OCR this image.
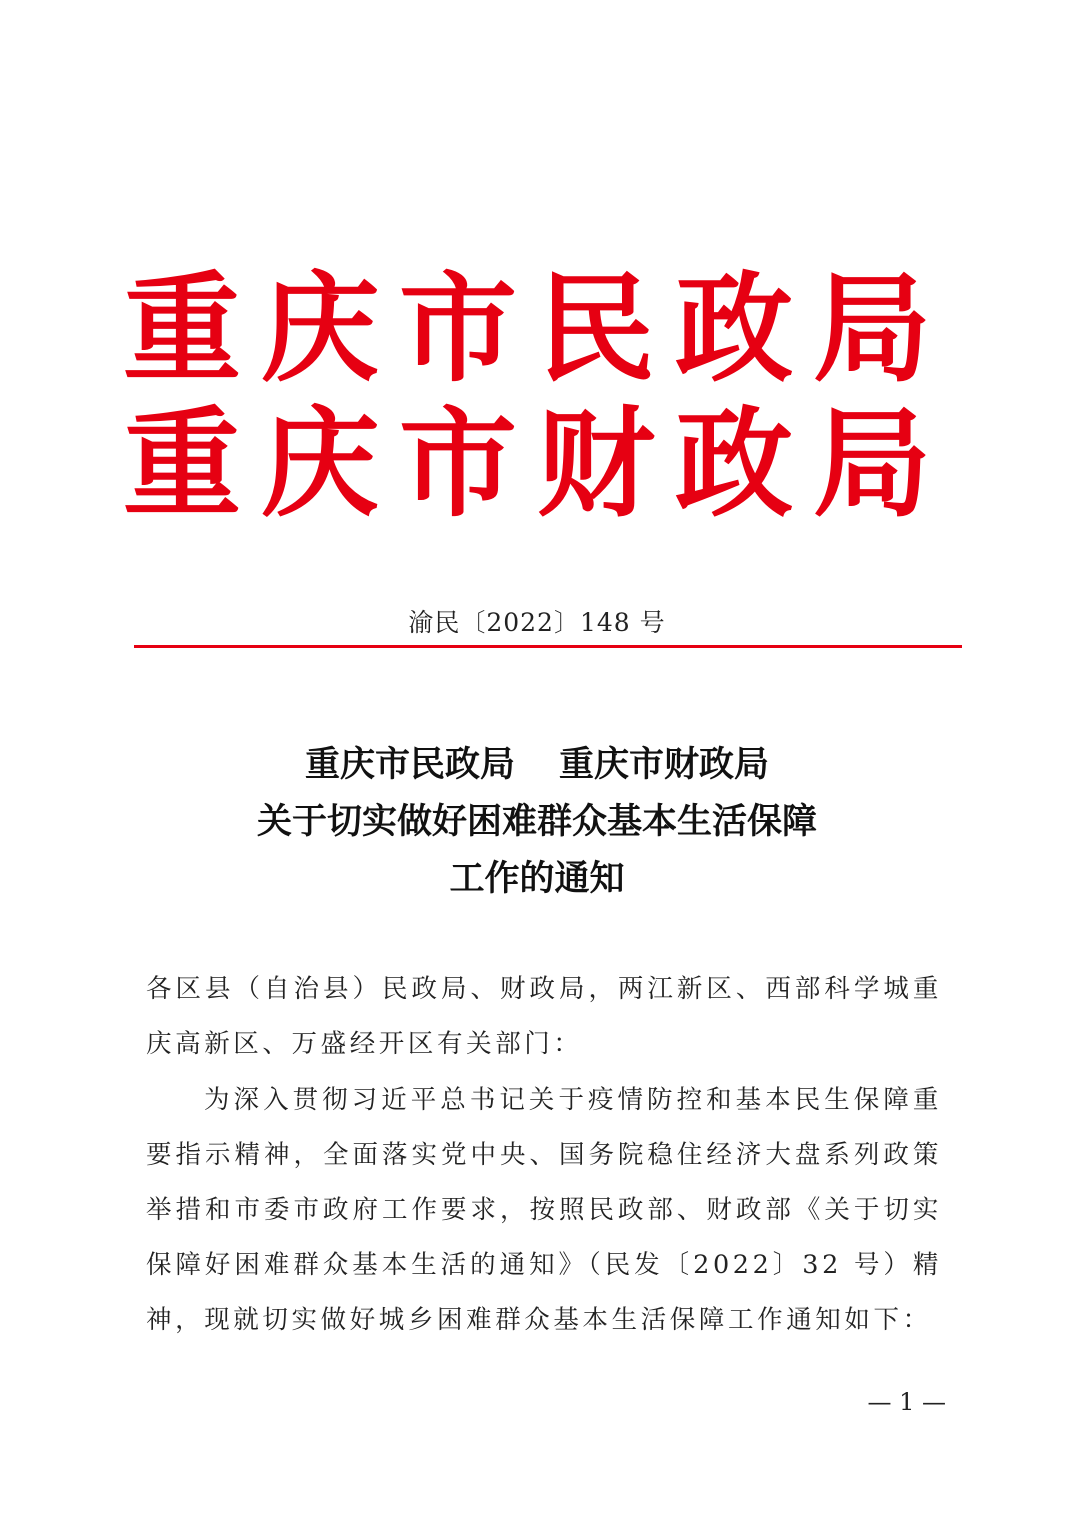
重庆市民政局
重庆市财政局
渝民〔2022〕148 号
重庆市民政局 重庆市财政局
关于切实做好困难群众基本生活保障
工作的通知
各区县（自治县）民政局、财政局，两江新区、西部科学城重庆高新区、万盛经开区有关部门：
为深入贯彻习近平总书记关于疫情防控和基本民生保障重要指示精神，全面落实党中央、国务院稳住经济大盘系列政策举措和市委市政府工作要求，按照民政部、财政部《关于切实保障好困难群众基本生活的通知》（民发〔2022〕32 号）精神，现就切实做好城乡困难群众基本生活保障工作通知如下：
— 1 —
